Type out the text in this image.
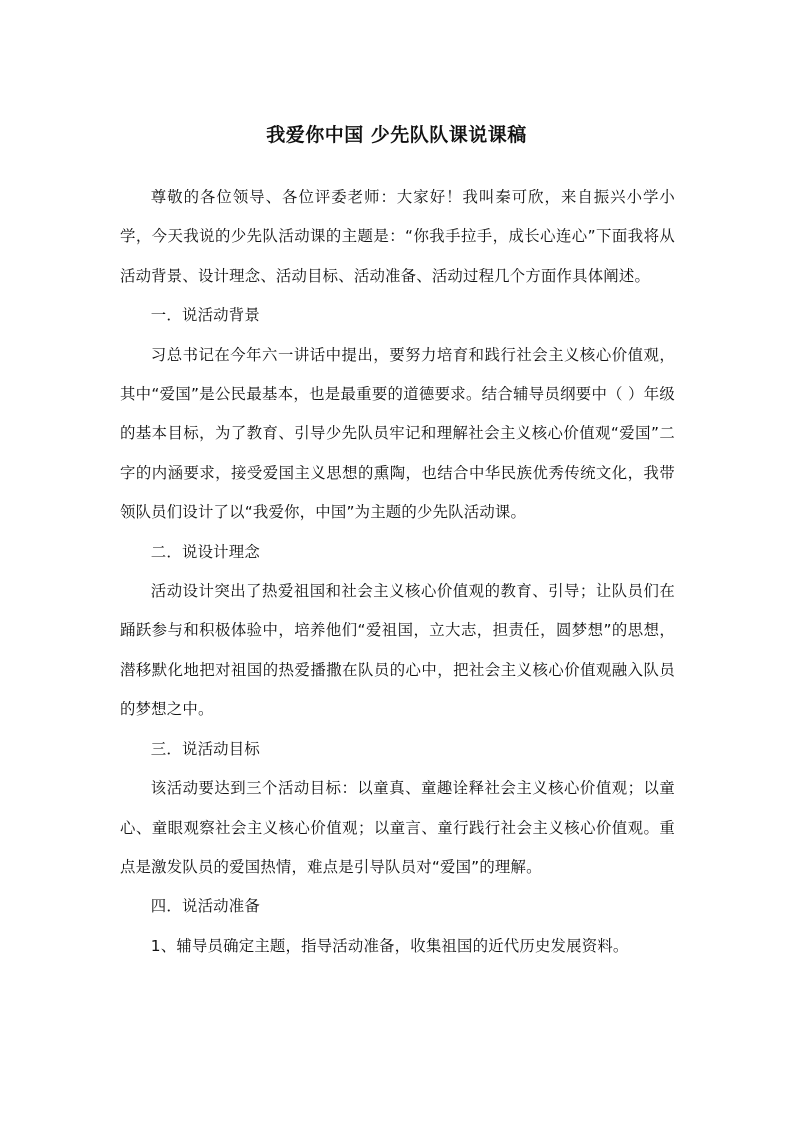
我爱你中国 少先队队课说课稿

尊敬的各位领导、各位评委老师：大家好！我叫秦可欣，来自振兴小学小学，今天我说的少先队活动课的主题是：“你我手拉手，成长心连心”下面我将从活动背景、设计理念、活动目标、活动准备、活动过程几个方面作具体阐述。

一．说活动背景

习总书记在今年六一讲话中提出，要努力培育和践行社会主义核心价值观，其中“爱国”是公民最基本，也是最重要的道德要求。结合辅导员纲要中（ ）年级的基本目标，为了教育、引导少先队员牢记和理解社会主义核心价值观“爱国”二字的内涵要求，接受爱国主义思想的熏陶，也结合中华民族优秀传统文化，我带领队员们设计了以“我爱你，中国”为主题的少先队活动课。

二．说设计理念

活动设计突出了热爱祖国和社会主义核心价值观的教育、引导；让队员们在踊跃参与和积极体验中，培养他们“爱祖国，立大志，担责任，圆梦想”的思想，潜移默化地把对祖国的热爱播撒在队员的心中，把社会主义核心价值观融入队员的梦想之中。

三．说活动目标

该活动要达到三个活动目标：以童真、童趣诠释社会主义核心价值观；以童心、童眼观察社会主义核心价值观；以童言、童行践行社会主义核心价值观。重点是激发队员的爱国热情，难点是引导队员对“爱国”的理解。

四．说活动准备

1、辅导员确定主题，指导活动准备，收集祖国的近代历史发展资料。
